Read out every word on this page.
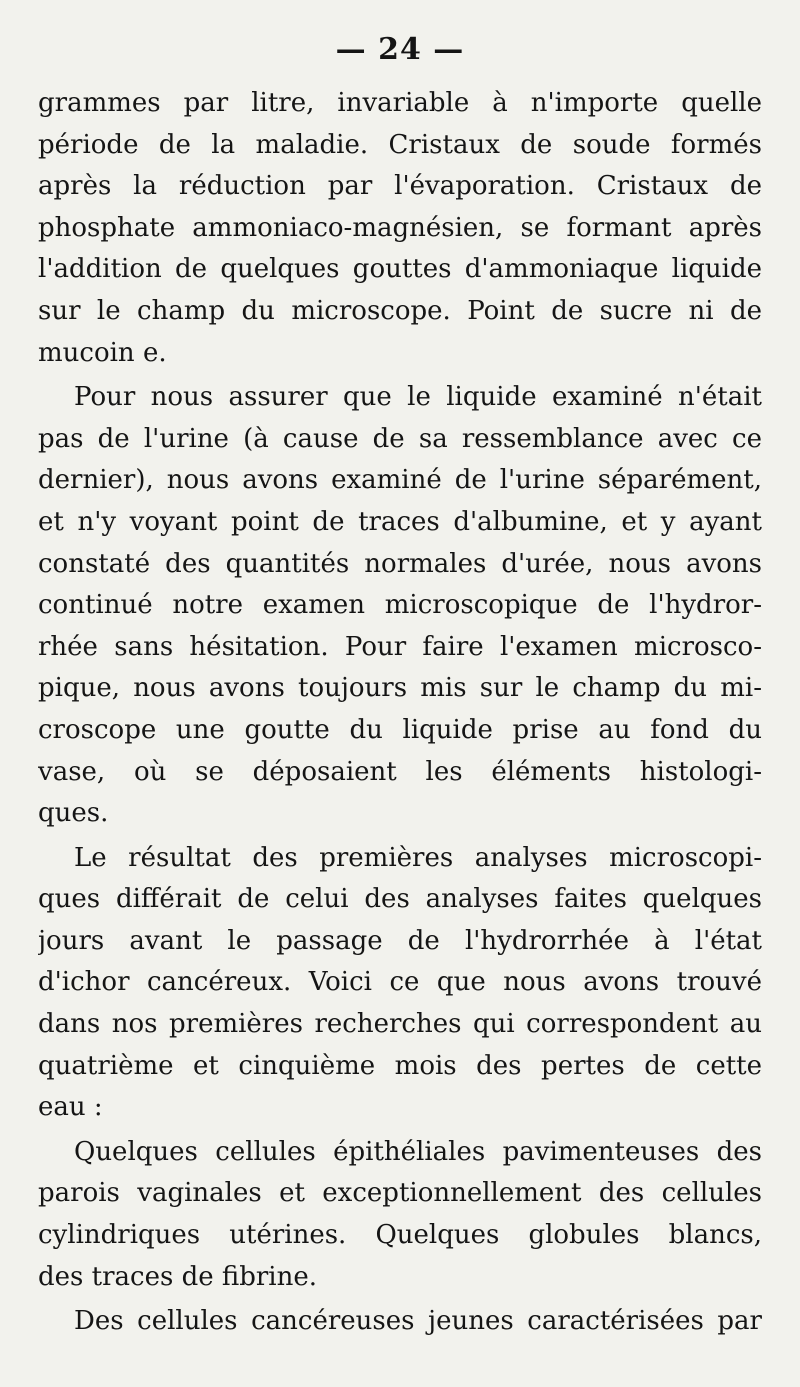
— 24 —
grammes par litre, invariable à n'importe quelle
période de la maladie. Cristaux de soude formés
après la réduction par l'évaporation. Cristaux de
phosphate ammoniaco-magnésien, se formant après
l'addition de quelques gouttes d'ammoniaque liquide
sur le champ du microscope. Point de sucre ni de
mucoin e.
Pour nous assurer que le liquide examiné n'était
pas de l'urine (à cause de sa ressemblance avec ce
dernier), nous avons examiné de l'urine séparément,
et n'y voyant point de traces d'albumine, et y ayant
constaté des quantités normales d'urée, nous avons
continué notre examen microscopique de l'hydror-
rhée sans hésitation. Pour faire l'examen microsco-
pique, nous avons toujours mis sur le champ du mi-
croscope une goutte du liquide prise au fond du
vase, où se déposaient les éléments histologi-
ques.
Le résultat des premières analyses microscopi-
ques différait de celui des analyses faites quelques
jours avant le passage de l'hydrorrhée à l'état
d'ichor cancéreux. Voici ce que nous avons trouvé
dans nos premières recherches qui correspondent au
quatrième et cinquième mois des pertes de cette
eau :
Quelques cellules épithéliales pavimenteuses des
parois vaginales et exceptionnellement des cellules
cylindriques utérines. Quelques globules blancs,
des traces de fibrine.
Des cellules cancéreuses jeunes caractérisées par
